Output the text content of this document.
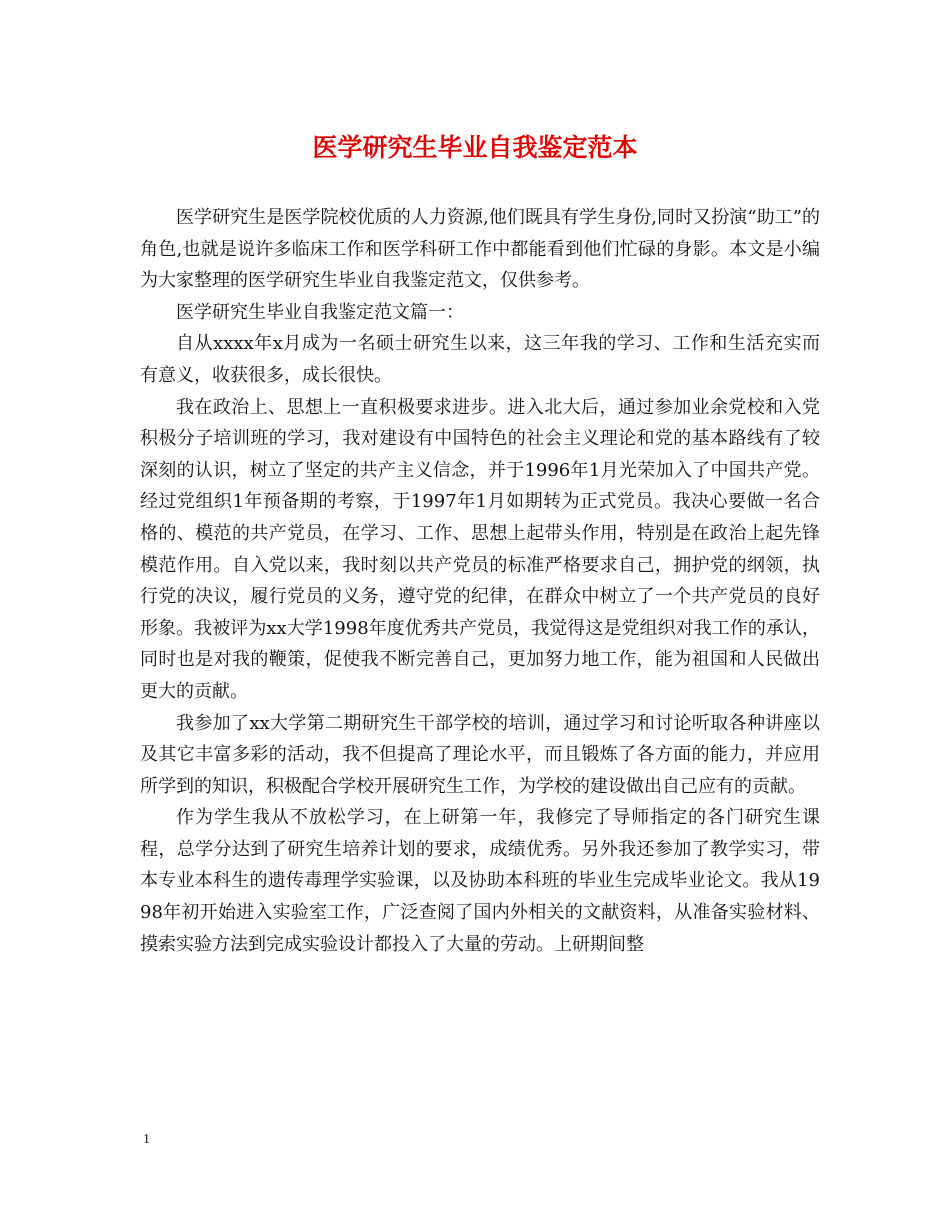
医学研究生毕业自我鉴定范本

医学研究生是医学院校优质的人力资源,他们既具有学生身份,同时又扮演“助工”的角色,也就是说许多临床工作和医学科研工作中都能看到他们忙碌的身影。本文是小编为大家整理的医学研究生毕业自我鉴定范文，仅供参考。

医学研究生毕业自我鉴定范文篇一：

自从xxxx年x月成为一名硕士研究生以来，这三年我的学习、工作和生活充实而有意义，收获很多，成长很快。

我在政治上、思想上一直积极要求进步。进入北大后，通过参加业余党校和入党积极分子培训班的学习，我对建设有中国特色的社会主义理论和党的基本路线有了较深刻的认识，树立了坚定的共产主义信念，并于1996年1月光荣加入了中国共产党。经过党组织1年预备期的考察，于1997年1月如期转为正式党员。我决心要做一名合格的、模范的共产党员，在学习、工作、思想上起带头作用，特别是在政治上起先锋模范作用。自入党以来，我时刻以共产党员的标准严格要求自己，拥护党的纲领，执行党的决议，履行党员的义务，遵守党的纪律，在群众中树立了一个共产党员的良好形象。我被评为xx大学1998年度优秀共产党员，我觉得这是党组织对我工作的承认，同时也是对我的鞭策，促使我不断完善自己，更加努力地工作，能为祖国和人民做出更大的贡献。

我参加了xx大学第二期研究生干部学校的培训，通过学习和讨论听取各种讲座以及其它丰富多彩的活动，我不但提高了理论水平，而且锻炼了各方面的能力，并应用所学到的知识，积极配合学校开展研究生工作，为学校的建设做出自己应有的贡献。

作为学生我从不放松学习，在上研第一年，我修完了导师指定的各门研究生课程，总学分达到了研究生培养计划的要求，成绩优秀。另外我还参加了教学实习，带本专业本科生的遗传毒理学实验课，以及协助本科班的毕业生完成毕业论文。我从1998年初开始进入实验室工作，广泛查阅了国内外相关的文献资料，从准备实验材料、摸索实验方法到完成实验设计都投入了大量的劳动。上研期间整

1
